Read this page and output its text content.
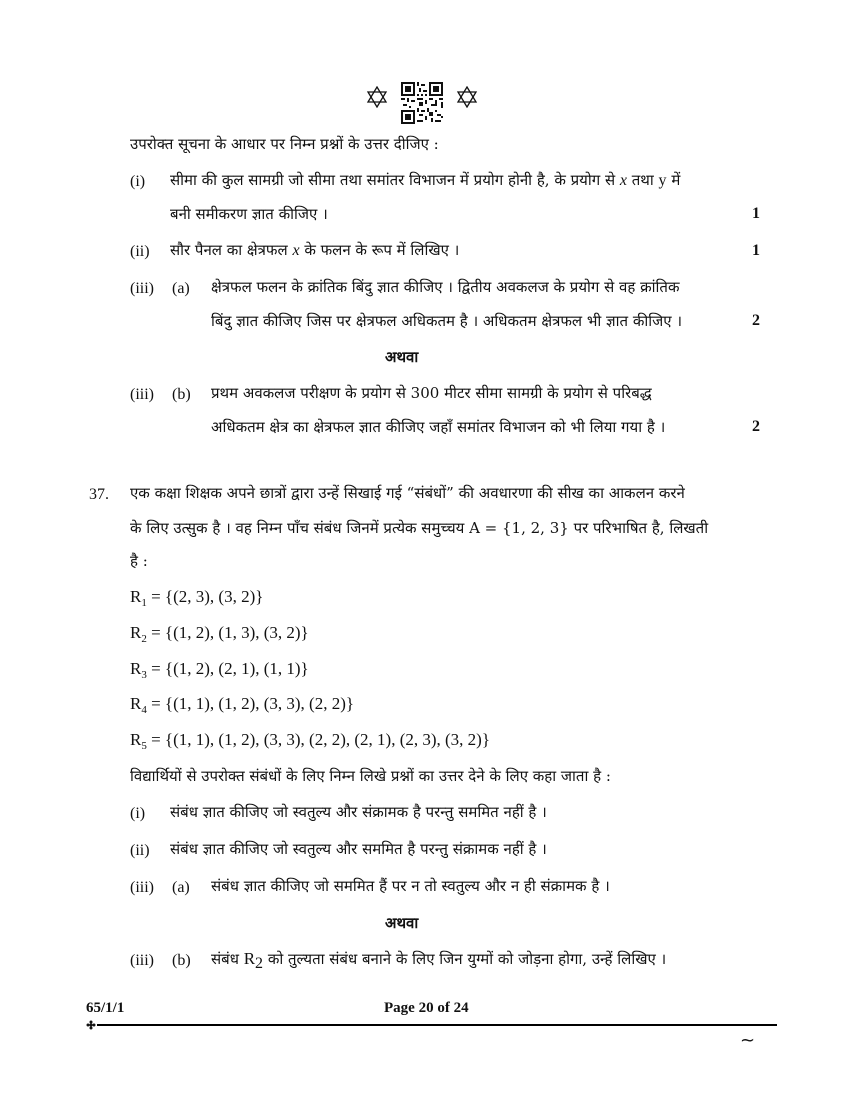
उपरोक्त सूचना के आधार पर निम्न प्रश्नों के उत्तर दीजिए :
(i) सीमा की कुल सामग्री जो सीमा तथा समांतर विभाजन में प्रयोग होनी है, के प्रयोग से x तथा y में
बनी समीकरण ज्ञात कीजिए ।	1
(ii) सौर पैनल का क्षेत्रफल x के फलन के रूप में लिखिए ।	1
(iii) (a) क्षेत्रफल फलन के क्रांतिक बिंदु ज्ञात कीजिए । द्वितीय अवकलज के प्रयोग से वह क्रांतिक
बिंदु ज्ञात कीजिए जिस पर क्षेत्रफल अधिकतम है । अधिकतम क्षेत्रफल भी ज्ञात कीजिए ।	2
अथवा
(iii) (b) प्रथम अवकलज परीक्षण के प्रयोग से 300 मीटर सीमा सामग्री के प्रयोग से परिबद्ध
अधिकतम क्षेत्र का क्षेत्रफल ज्ञात कीजिए जहाँ समांतर विभाजन को भी लिया गया है ।	2
37. एक कक्षा शिक्षक अपने छात्रों द्वारा उन्हें सिखाई गई “संबंधों” की अवधारणा की सीख का आकलन करने
के लिए उत्सुक है । वह निम्न पाँच संबंध जिनमें प्रत्येक समुच्चय A = {1, 2, 3} पर परिभाषित है, लिखती
है :
$R_1 = \{(2$, 3), (3, 2)}
$R_2 = \{(1$, 2), (1, 3), (3, 2)}
$R_3 = \{(1$, 2), (2, 1), (1, 1)}
$R_4 = \{(1$, 1), (1, 2), (3, 3), (2, 2)}
$R_5 = \{(1$, 1), (1, 2), (3, 3), (2, 2), (2, 1), (2, 3), (3, 2)}
विद्यार्थियों से उपरोक्त संबंधों के लिए निम्न लिखे प्रश्नों का उत्तर देने के लिए कहा जाता है :
(i) संबंध ज्ञात कीजिए जो स्वतुल्य और संक्रामक है परन्तु सममित नहीं है ।
(ii) संबंध ज्ञात कीजिए जो स्वतुल्य और सममित है परन्तु संक्रामक नहीं है ।
(iii) (a) संबंध ज्ञात कीजिए जो सममित हैं पर न तो स्वतुल्य और न ही संक्रामक है ।
अथवा
(iii) (b) संबंध $R_2$ को तुल्यता संबंध बनाने के लिए जिन युग्मों को जोड़ना होगा, उन्हें लिखिए ।
65/1/1	Page 20 of 24
~
